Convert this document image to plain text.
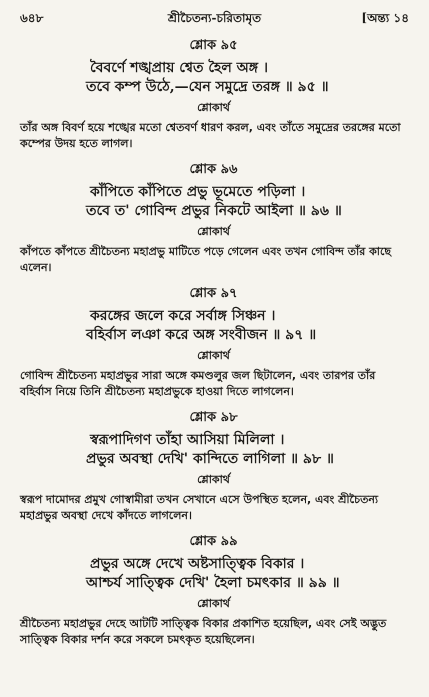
৬৪৮	শ্রীচৈতন্য-চরিতামৃত	[অন্ত্য ১৪
শ্লোক ৯৫
বৈবর্ণে শঙ্খপ্রায় শ্বেত হৈল অঙ্গ ।
তবে কম্প উঠে,—যেন সমুদ্রে তরঙ্গ ॥ ৯৫ ॥
শ্লোকার্থ
তাঁর অঙ্গ বিবর্ণ হয়ে শঙ্খের মতো শ্বেতবর্ণ ধারণ করল, এবং তাঁতে সমুদ্রের তরঙ্গের মতো কম্পের উদয় হতে লাগল।
শ্লোক ৯৬
কাঁপিতে কাঁপিতে প্রভু ভূমেতে পড়িলা ।
তবে ত' গোবিন্দ প্রভুর নিকটে আইলা ॥ ৯৬ ॥
শ্লোকার্থ
কাঁপতে কাঁপতে শ্রীচৈতন্য মহাপ্রভু মাটিতে পড়ে গেলেন এবং তখন গোবিন্দ তাঁর কাছে এলেন।
শ্লোক ৯৭
করঙ্গের জলে করে সর্বাঙ্গ সিঞ্চন ।
বহির্বাস লঞা করে অঙ্গ সংবীজন ॥ ৯৭ ॥
শ্লোকার্থ
গোবিন্দ শ্রীচৈতন্য মহাপ্রভুর সারা অঙ্গে কমণ্ডলুর জল ছিটালেন, এবং তারপর তাঁর বহির্বাস নিয়ে তিনি শ্রীচৈতন্য মহাপ্রভুকে হাওয়া দিতে লাগলেন।
শ্লোক ৯৮
স্বরূপাদিগণ তাঁহা আসিয়া মিলিলা ।
প্রভুর অবস্থা দেখি' কান্দিতে লাগিলা ॥ ৯৮ ॥
শ্লোকার্থ
স্বরূপ দামোদর প্রমুখ গোস্বামীরা তখন সেখানে এসে উপস্থিত হলেন, এবং শ্রীচৈতন্য মহাপ্রভুর অবস্থা দেখে কাঁদতে লাগলেন।
শ্লোক ৯৯
প্রভুর অঙ্গে দেখে অষ্টসাত্ত্বিক বিকার ।
আশ্চর্য সাত্ত্বিক দেখি' হৈলা চমৎকার ॥ ৯৯ ॥
শ্লোকার্থ
শ্রীচৈতন্য মহাপ্রভুর দেহে আটটি সাত্ত্বিক বিকার প্রকাশিত হয়েছিল, এবং সেই অদ্ভুত সাত্ত্বিক বিকার দর্শন করে সকলে চমৎকৃত হয়েছিলেন।
